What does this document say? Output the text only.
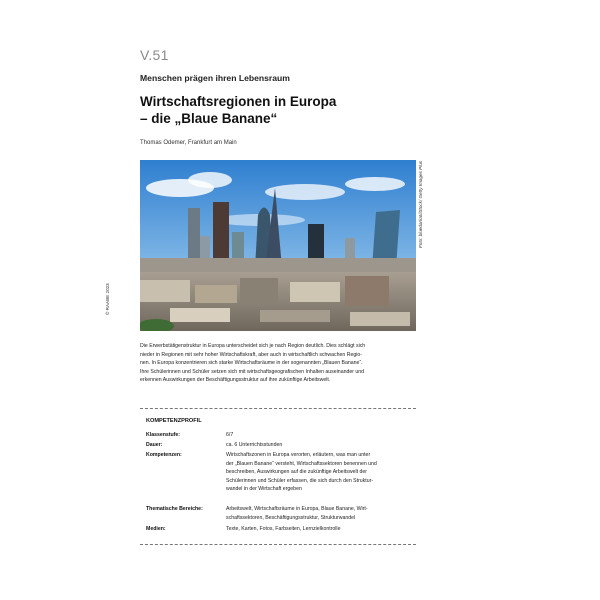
V.51
Menschen prägen ihren Lebensraum
Wirtschaftsregionen in Europa
– die „Blaue Banane“
Thomas Odemer, Frankfurt am Main
Foto: bluedarkat/iStock/ Getty Images Plus
© RAABE 2023
Die Erwerbstätigenstruktur in Europa unterscheidet sich je nach Region deutlich. Dies schlägt sich
nieder in Regionen mit sehr hoher Wirtschaftskraft, aber auch in wirtschaftlich schwachen Regio-
nen. In Europa konzentrieren sich starke Wirtschaftsräume in der sogenannten „Blauen Banane“.
Ihre Schülerinnen und Schüler setzen sich mit wirtschaftsgeografischen Inhalten auseinander und
erkennen Auswirkungen der Beschäftigungsstruktur auf ihre zukünftige Arbeitswelt.
KOMPETENZPROFIL
Klassenstufe:	6/7
Dauer:	ca. 6 Unterrichtsstunden
Kompetenzen:	Wirtschaftszonen in Europa verorten, erläutern, was man unter
der „Blauen Banane“ versteht, Wirtschaftssektoren benennen und
beschreiben, Auswirkungen auf die zukünftige Arbeitswelt der
Schülerinnen und Schüler erfassen, die sich durch den Struktur-
wandel in der Wirtschaft ergeben
Thematische Bereiche:	Arbeitswelt, Wirtschaftsräume in Europa, Blaue Banane, Wirt-
schaftssektoren, Beschäftigungsstruktur, Strukturwandel
Medien:	Texte, Karten, Fotos, Farbseiten, Lernzielkontrolle
